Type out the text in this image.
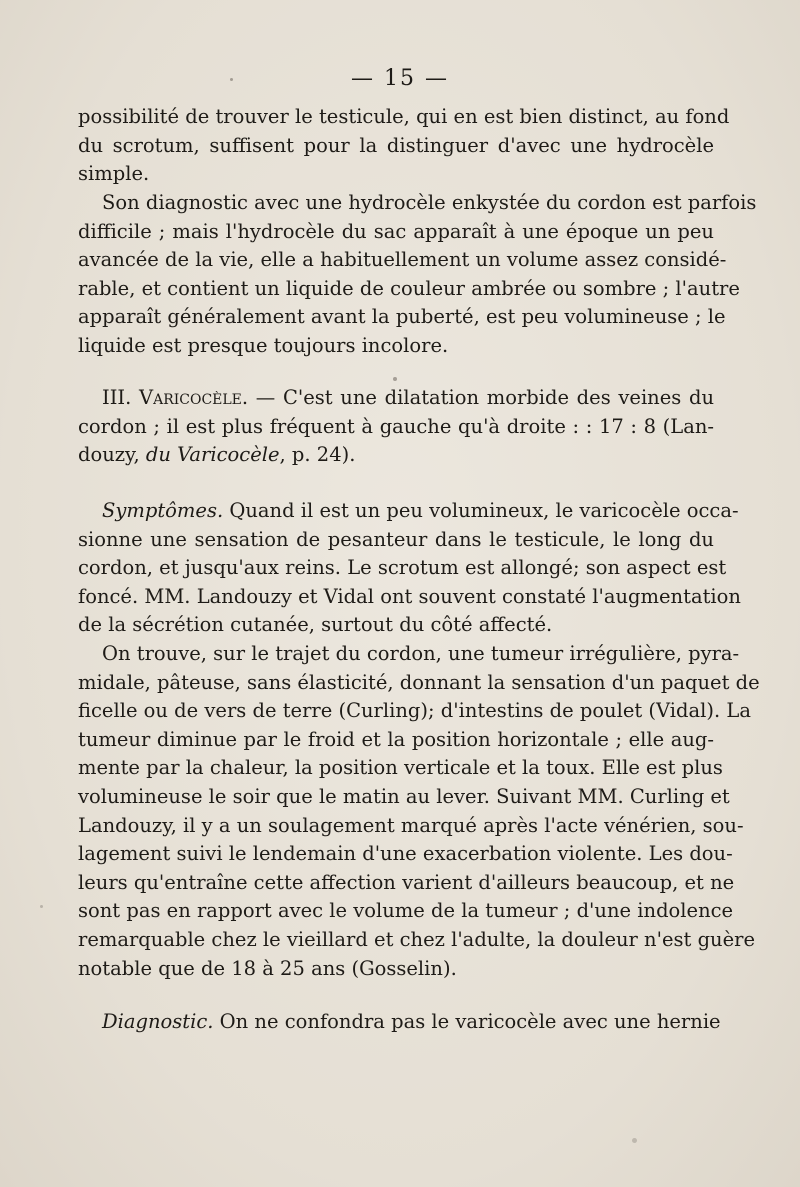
— 15 —
possibilité de trouver le testicule, qui en est bien distinct, au fond
du scrotum, suffisent pour la distinguer d'avec une hydrocèle
simple.
Son diagnostic avec une hydrocèle enkystée du cordon est parfois
difficile ; mais l'hydrocèle du sac apparaît à une époque un peu
avancée de la vie, elle a habituellement un volume assez considé-
rable, et contient un liquide de couleur ambrée ou sombre ; l'autre
apparaît généralement avant la puberté, est peu volumineuse ; le
liquide est presque toujours incolore.
III. Varicocèle. — C'est une dilatation morbide des veines du
cordon ; il est plus fréquent à gauche qu'à droite : : 17 : 8 (Lan-
douzy, du Varicocèle, p. 24).
Symptômes. Quand il est un peu volumineux, le varicocèle occa-
sionne une sensation de pesanteur dans le testicule, le long du
cordon, et jusqu'aux reins. Le scrotum est allongé; son aspect est
foncé. MM. Landouzy et Vidal ont souvent constaté l'augmentation
de la sécrétion cutanée, surtout du côté affecté.
On trouve, sur le trajet du cordon, une tumeur irrégulière, pyra-
midale, pâteuse, sans élasticité, donnant la sensation d'un paquet de
ficelle ou de vers de terre (Curling); d'intestins de poulet (Vidal). La
tumeur diminue par le froid et la position horizontale ; elle aug-
mente par la chaleur, la position verticale et la toux. Elle est plus
volumineuse le soir que le matin au lever. Suivant MM. Curling et
Landouzy, il y a un soulagement marqué après l'acte vénérien, sou-
lagement suivi le lendemain d'une exacerbation violente. Les dou-
leurs qu'entraîne cette affection varient d'ailleurs beaucoup, et ne
sont pas en rapport avec le volume de la tumeur ; d'une indolence
remarquable chez le vieillard et chez l'adulte, la douleur n'est guère
notable que de 18 à 25 ans (Gosselin).
Diagnostic. On ne confondra pas le varicocèle avec une hernie
